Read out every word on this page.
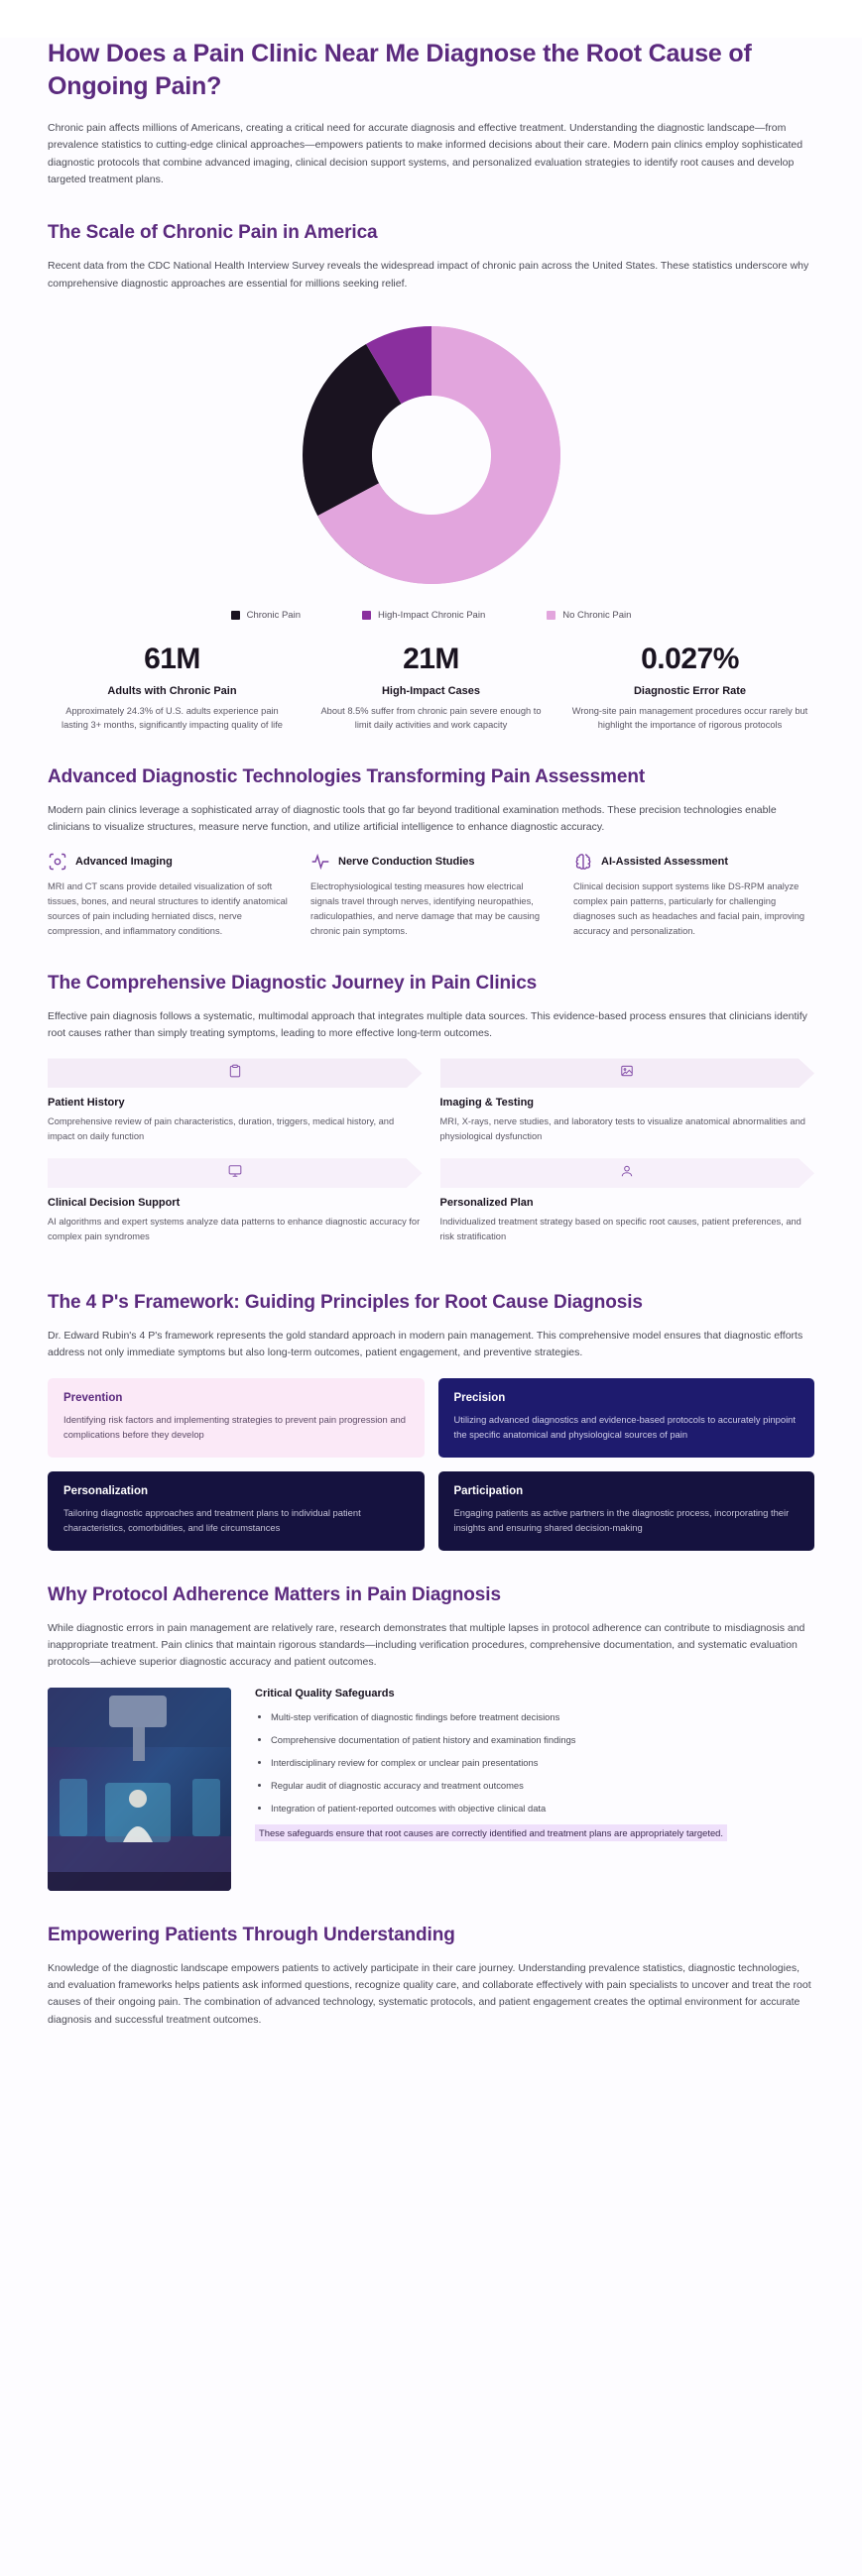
How Does a Pain Clinic Near Me Diagnose the Root Cause of Ongoing Pain?

Chronic pain affects millions of Americans, creating a critical need for accurate diagnosis and effective treatment. Understanding the diagnostic landscape—from prevalence statistics to cutting-edge clinical approaches—empowers patients to make informed decisions about their care. Modern pain clinics employ sophisticated diagnostic protocols that combine advanced imaging, clinical decision support systems, and personalized evaluation strategies to identify root causes and develop targeted treatment plans.

The Scale of Chronic Pain in America

Recent data from the CDC National Health Interview Survey reveals the widespread impact of chronic pain across the United States. These statistics underscore why comprehensive diagnostic approaches are essential for millions seeking relief.

Chronic Pain	High-Impact Chronic Pain	No Chronic Pain
61M
Adults with Chronic Pain
Approximately 24.3% of U.S. adults experience pain lasting 3+ months, significantly impacting quality of life
21M
High-Impact Cases
About 8.5% suffer from chronic pain severe enough to limit daily activities and work capacity
0.027%
Diagnostic Error Rate
Wrong-site pain management procedures occur rarely but highlight the importance of rigorous protocols
Advanced Diagnostic Technologies Transforming Pain Assessment

Modern pain clinics leverage a sophisticated array of diagnostic tools that go far beyond traditional examination methods. These precision technologies enable clinicians to visualize structures, measure nerve function, and utilize artificial intelligence to enhance diagnostic accuracy.

Advanced Imaging
MRI and CT scans provide detailed visualization of soft tissues, bones, and neural structures to identify anatomical sources of pain including herniated discs, nerve compression, and inflammatory conditions.
Nerve Conduction Studies
Electrophysiological testing measures how electrical signals travel through nerves, identifying neuropathies, radiculopathies, and nerve damage that may be causing chronic pain symptoms.
AI-Assisted Assessment
Clinical decision support systems like DS-RPM analyze complex pain patterns, particularly for challenging diagnoses such as headaches and facial pain, improving accuracy and personalization.
The Comprehensive Diagnostic Journey in Pain Clinics

Effective pain diagnosis follows a systematic, multimodal approach that integrates multiple data sources. This evidence-based process ensures that clinicians identify root causes rather than simply treating symptoms, leading to more effective long-term outcomes.

Patient History
Comprehensive review of pain characteristics, duration, triggers, medical history, and impact on daily function
Imaging & Testing
MRI, X-rays, nerve studies, and laboratory tests to visualize anatomical abnormalities and physiological dysfunction
Clinical Decision Support
AI algorithms and expert systems analyze data patterns to enhance diagnostic accuracy for complex pain syndromes
Personalized Plan
Individualized treatment strategy based on specific root causes, patient preferences, and risk stratification
The 4 P's Framework: Guiding Principles for Root Cause Diagnosis

Dr. Edward Rubin's 4 P's framework represents the gold standard approach in modern pain management. This comprehensive model ensures that diagnostic efforts address not only immediate symptoms but also long-term outcomes, patient engagement, and preventive strategies.

Prevention
Identifying risk factors and implementing strategies to prevent pain progression and complications before they develop
Precision
Utilizing advanced diagnostics and evidence-based protocols to accurately pinpoint the specific anatomical and physiological sources of pain
Personalization
Tailoring diagnostic approaches and treatment plans to individual patient characteristics, comorbidities, and life circumstances
Participation
Engaging patients as active partners in the diagnostic process, incorporating their insights and ensuring shared decision-making
Why Protocol Adherence Matters in Pain Diagnosis

While diagnostic errors in pain management are relatively rare, research demonstrates that multiple lapses in protocol adherence can contribute to misdiagnosis and inappropriate treatment. Pain clinics that maintain rigorous standards—including verification procedures, comprehensive documentation, and systematic evaluation protocols—achieve superior diagnostic accuracy and patient outcomes.

Critical Quality Safeguards
• Multi-step verification of diagnostic findings before treatment decisions
• Comprehensive documentation of patient history and examination findings
• Interdisciplinary review for complex or unclear pain presentations
• Regular audit of diagnostic accuracy and treatment outcomes
• Integration of patient-reported outcomes with objective clinical data
These safeguards ensure that root causes are correctly identified and treatment plans are appropriately targeted.
Empowering Patients Through Understanding

Knowledge of the diagnostic landscape empowers patients to actively participate in their care journey. Understanding prevalence statistics, diagnostic technologies, and evaluation frameworks helps patients ask informed questions, recognize quality care, and collaborate effectively with pain specialists to uncover and treat the root causes of their ongoing pain. The combination of advanced technology, systematic protocols, and patient engagement creates the optimal environment for accurate diagnosis and successful treatment outcomes.
